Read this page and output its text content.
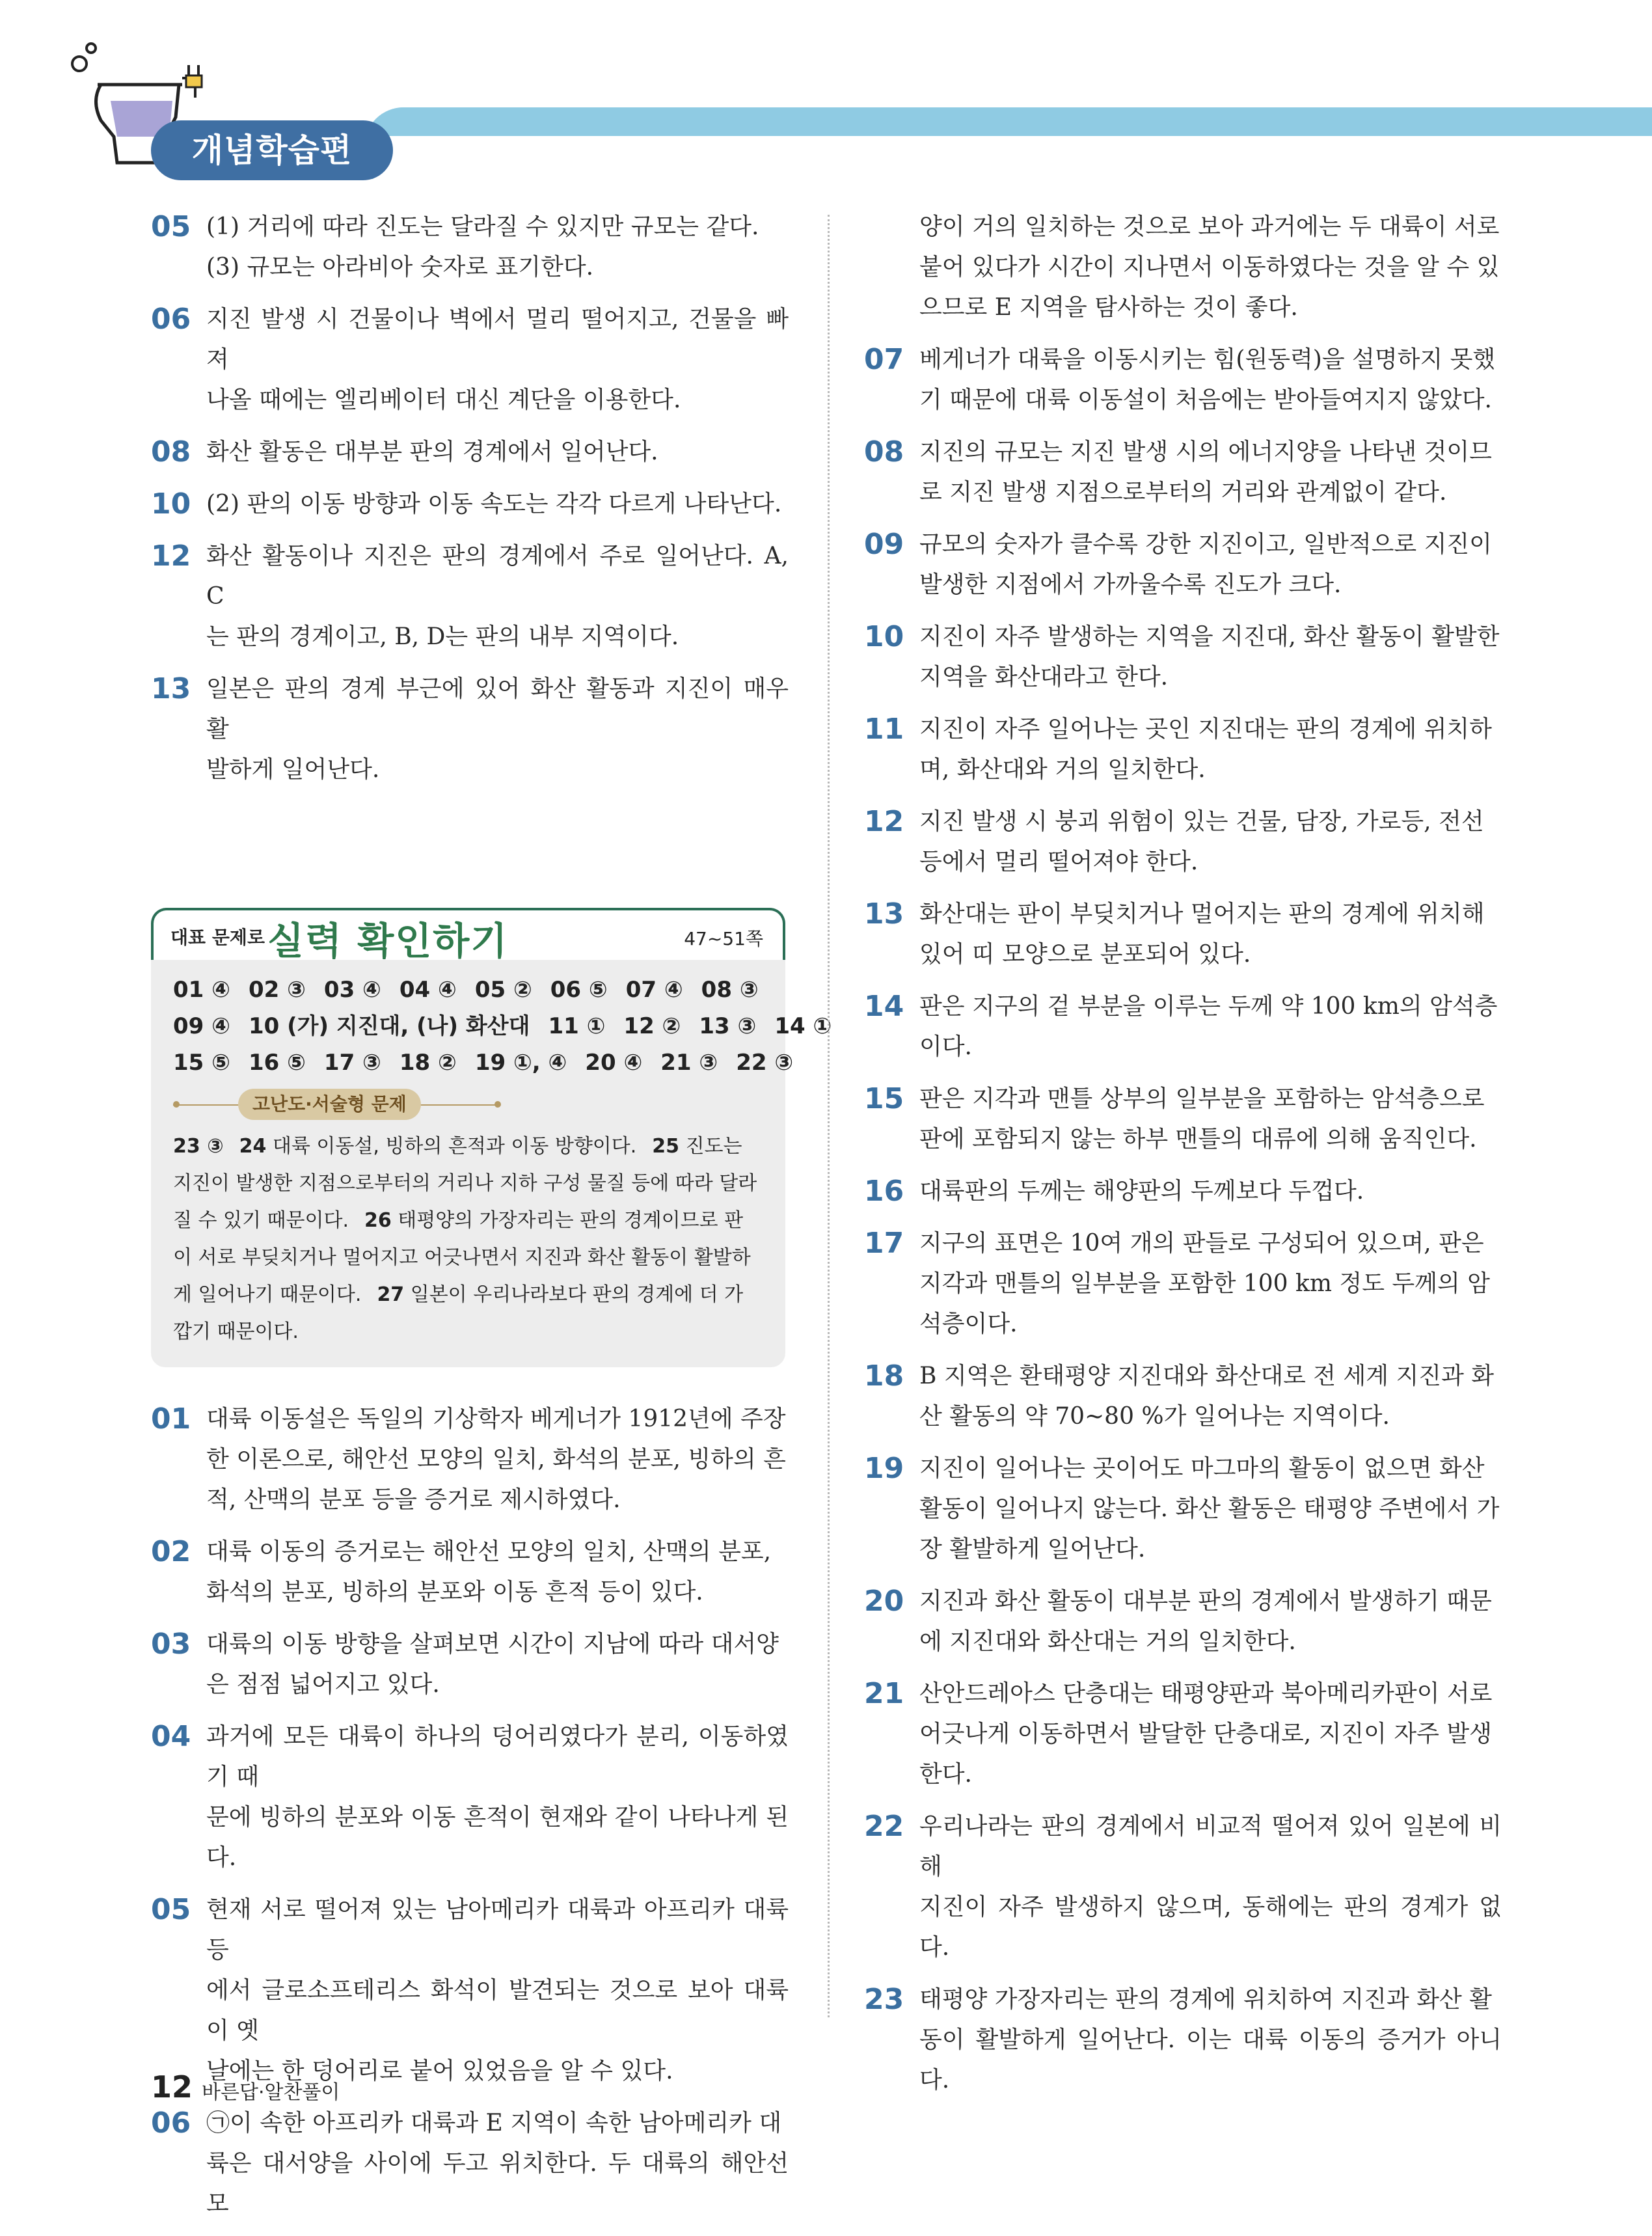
개념학습편
05 (1) 거리에 따라 진도는 달라질 수 있지만 규모는 같다.
(3) 규모는 아라비아 숫자로 표기한다.
06 지진 발생 시 건물이나 벽에서 멀리 떨어지고, 건물을 빠져
나올 때에는 엘리베이터 대신 계단을 이용한다.
08 화산 활동은 대부분 판의 경계에서 일어난다.
10 (2) 판의 이동 방향과 이동 속도는 각각 다르게 나타난다.
12 화산 활동이나 지진은 판의 경계에서 주로 일어난다. A, C
는 판의 경계이고, B, D는 판의 내부 지역이다.
13 일본은 판의 경계 부근에 있어 화산 활동과 지진이 매우 활
발하게 일어난다.
대표 문제로 실력 확인하기	47~51쪽
01 ④ 02 ③ 03 ④ 04 ④ 05 ② 06 ⑤ 07 ④ 08 ③
09 ④ 10 (가) 지진대, (나) 화산대 11 ① 12 ② 13 ③ 14 ①
15 ⑤ 16 ⑤ 17 ③ 18 ② 19 ①, ④ 20 ④ 21 ③ 22 ③
고난도·서술형 문제
23 ③ 24 대륙 이동설, 빙하의 흔적과 이동 방향이다. 25 진도는
지진이 발생한 지점으로부터의 거리나 지하 구성 물질 등에 따라 달라
질 수 있기 때문이다. 26 태평양의 가장자리는 판의 경계이므로 판
이 서로 부딪치거나 멀어지고 어긋나면서 지진과 화산 활동이 활발하
게 일어나기 때문이다. 27 일본이 우리나라보다 판의 경계에 더 가
깝기 때문이다.
01 대륙 이동설은 독일의 기상학자 베게너가 1912년에 주장
한 이론으로, 해안선 모양의 일치, 화석의 분포, 빙하의 흔
적, 산맥의 분포 등을 증거로 제시하였다.
02 대륙 이동의 증거로는 해안선 모양의 일치, 산맥의 분포,
화석의 분포, 빙하의 분포와 이동 흔적 등이 있다.
03 대륙의 이동 방향을 살펴보면 시간이 지남에 따라 대서양
은 점점 넓어지고 있다.
04 과거에 모든 대륙이 하나의 덩어리였다가 분리, 이동하였기 때
문에 빙하의 분포와 이동 흔적이 현재와 같이 나타나게 된다.
05 현재 서로 떨어져 있는 남아메리카 대륙과 아프리카 대륙 등
에서 글로소프테리스 화석이 발견되는 것으로 보아 대륙이 옛
날에는 한 덩어리로 붙어 있었음을 알 수 있다.
06 ㉠이 속한 아프리카 대륙과 E 지역이 속한 남아메리카 대
륙은 대서양을 사이에 두고 위치한다. 두 대륙의 해안선 모
양이 거의 일치하는 것으로 보아 과거에는 두 대륙이 서로
붙어 있다가 시간이 지나면서 이동하였다는 것을 알 수 있
으므로 E 지역을 탐사하는 것이 좋다.
07 베게너가 대륙을 이동시키는 힘(원동력)을 설명하지 못했
기 때문에 대륙 이동설이 처음에는 받아들여지지 않았다.
08 지진의 규모는 지진 발생 시의 에너지양을 나타낸 것이므
로 지진 발생 지점으로부터의 거리와 관계없이 같다.
09 규모의 숫자가 클수록 강한 지진이고, 일반적으로 지진이
발생한 지점에서 가까울수록 진도가 크다.
10 지진이 자주 발생하는 지역을 지진대, 화산 활동이 활발한
지역을 화산대라고 한다.
11 지진이 자주 일어나는 곳인 지진대는 판의 경계에 위치하
며, 화산대와 거의 일치한다.
12 지진 발생 시 붕괴 위험이 있는 건물, 담장, 가로등, 전선
등에서 멀리 떨어져야 한다.
13 화산대는 판이 부딪치거나 멀어지는 판의 경계에 위치해
있어 띠 모양으로 분포되어 있다.
14 판은 지구의 겉 부분을 이루는 두께 약 100 km의 암석층
이다.
15 판은 지각과 맨틀 상부의 일부분을 포함하는 암석층으로
판에 포함되지 않는 하부 맨틀의 대류에 의해 움직인다.
16 대륙판의 두께는 해양판의 두께보다 두껍다.
17 지구의 표면은 10여 개의 판들로 구성되어 있으며, 판은
지각과 맨틀의 일부분을 포함한 100 km 정도 두께의 암
석층이다.
18 B 지역은 환태평양 지진대와 화산대로 전 세계 지진과 화
산 활동의 약 70~80 %가 일어나는 지역이다.
19 지진이 일어나는 곳이어도 마그마의 활동이 없으면 화산
활동이 일어나지 않는다. 화산 활동은 태평양 주변에서 가
장 활발하게 일어난다.
20 지진과 화산 활동이 대부분 판의 경계에서 발생하기 때문
에 지진대와 화산대는 거의 일치한다.
21 산안드레아스 단층대는 태평양판과 북아메리카판이 서로
어긋나게 이동하면서 발달한 단층대로, 지진이 자주 발생
한다.
22 우리나라는 판의 경계에서 비교적 떨어져 있어 일본에 비해
지진이 자주 발생하지 않으며, 동해에는 판의 경계가 없다.
23 태평양 가장자리는 판의 경계에 위치하여 지진과 화산 활
동이 활발하게 일어난다. 이는 대륙 이동의 증거가 아니다.
12 바른답·알찬풀이
